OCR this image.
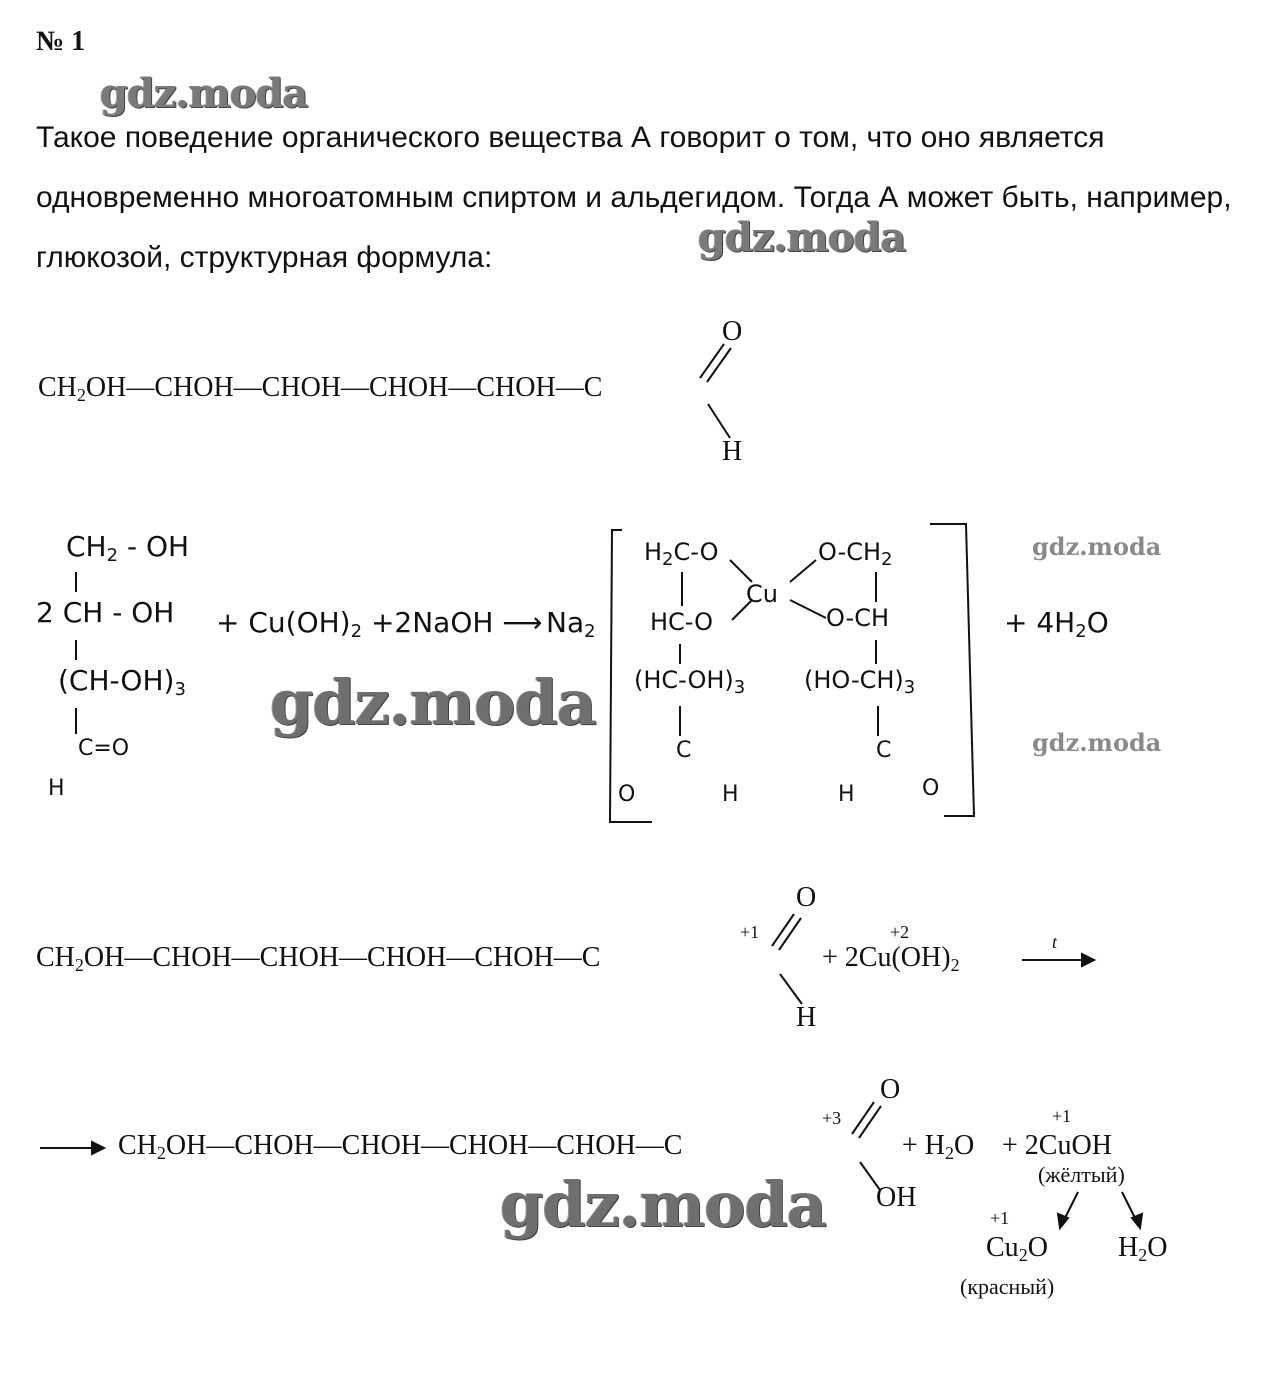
№ 1
gdz.moda
Такое поведение органического вещества А говорит о том, что оно является одновременно многоатомным спиртом и альдегидом. Тогда А может быть, например, глюкозой, структурная формула:	gdz.moda
$CH_2OH—CHOH—CHOH—CHOH—CHOH—C$
O
H
$CH_2$ - OH
2 CH - OH
$(CH-OH)_3$
C=O
H
+ $Cu(OH)_2$ +2NaOH ⟶ $Na_2$
$H_2C-O$
HC-O
$(HC-OH)_3$
C
O	H
Cu
$O-CH_2$
O-CH
$(HO-CH)_3$
C
H	O
+ $4H_2O$
gdz.moda
gdz.moda
gdz.moda
$CH_2OH—CHOH—CHOH—CHOH—CHOH—C$
+1
O
H
+ $2Cu(OH)_2$
+2	t
$CH_2OH—CHOH—CHOH—CHOH—CHOH—C$
+3
O
OH
+ $H_2O$ + 2CuOH
+1
(жёлтый)
$Cu_2O$
+1
(красный)
$H_2O$
gdz.moda
